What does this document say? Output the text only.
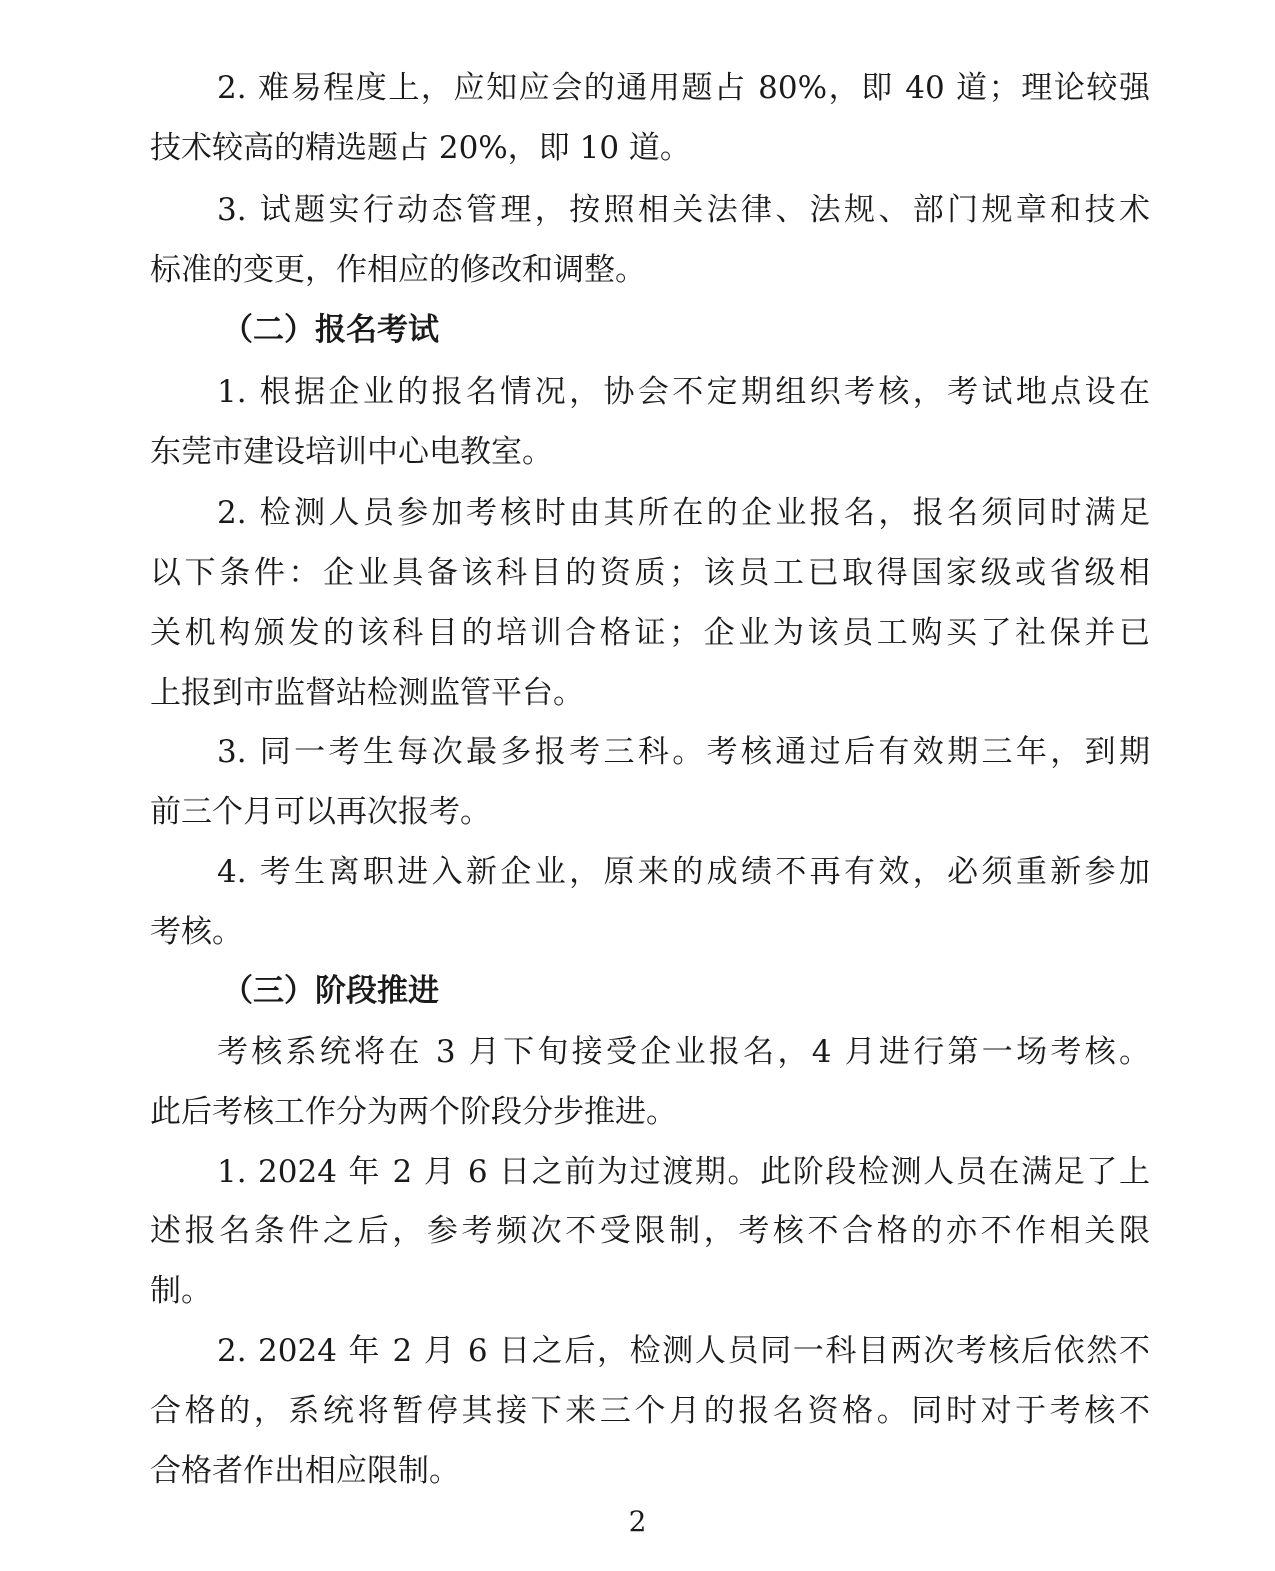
2. 难易程度上，应知应会的通用题占 80%，即 40 道；理论较强
技术较高的精选题占 20%，即 10 道。
3. 试题实行动态管理，按照相关法律、法规、部门规章和技术
标准的变更，作相应的修改和调整。
（二）报名考试
1. 根据企业的报名情况，协会不定期组织考核，考试地点设在
东莞市建设培训中心电教室。
2. 检测人员参加考核时由其所在的企业报名，报名须同时满足
以下条件：企业具备该科目的资质；该员工已取得国家级或省级相
关机构颁发的该科目的培训合格证；企业为该员工购买了社保并已
上报到市监督站检测监管平台。
3. 同一考生每次最多报考三科。考核通过后有效期三年，到期
前三个月可以再次报考。
4. 考生离职进入新企业，原来的成绩不再有效，必须重新参加
考核。
（三）阶段推进
考核系统将在 3 月下旬接受企业报名，4 月进行第一场考核。
此后考核工作分为两个阶段分步推进。
1. 2024 年 2 月 6 日之前为过渡期。此阶段检测人员在满足了上
述报名条件之后，参考频次不受限制，考核不合格的亦不作相关限
制。
2. 2024 年 2 月 6 日之后，检测人员同一科目两次考核后依然不
合格的，系统将暂停其接下来三个月的报名资格。同时对于考核不
合格者作出相应限制。
2
